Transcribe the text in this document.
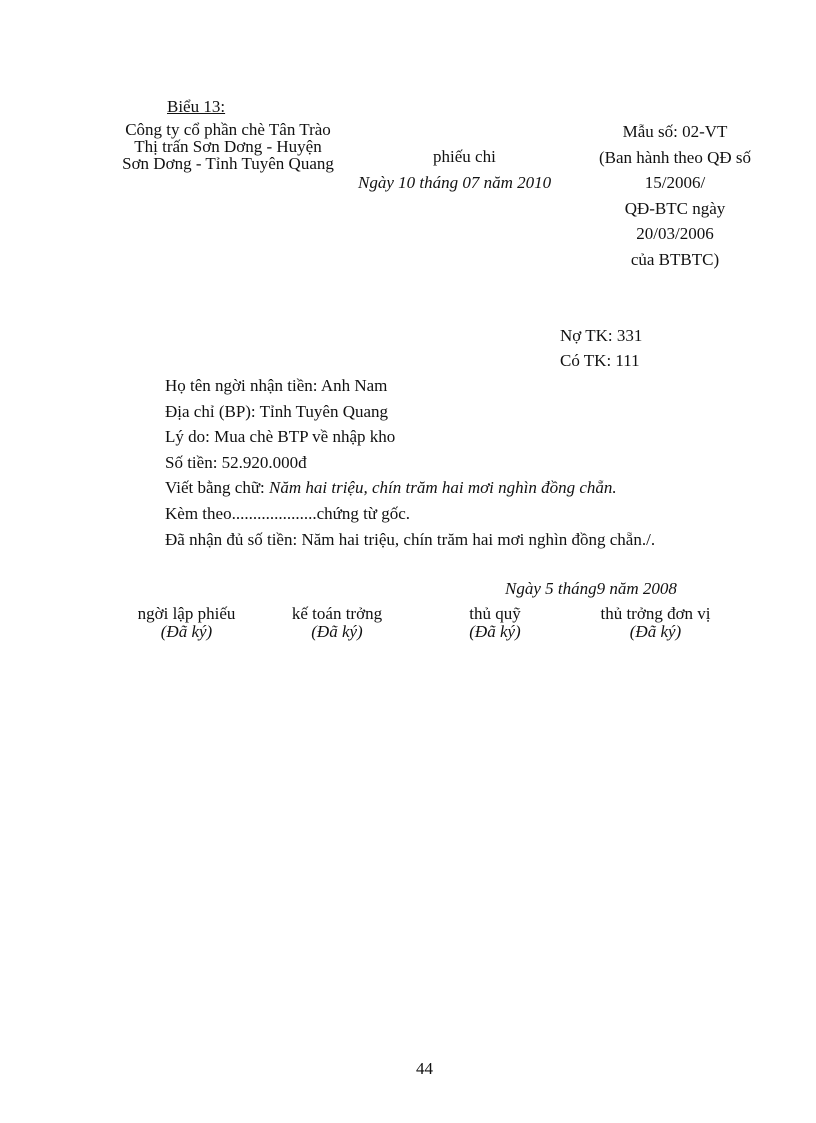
Biểu 13:
Công ty cổ phần chè Tân Trào
Thị trấn Sơn Dơng - Huyện
Sơn Dơng - Tỉnh Tuyên Quang	phiếu chi
Ngày 10 tháng 07 năm 2010
Mẫu số: 02-VT
(Ban hành theo QĐ số
15/2006/
QĐ-BTC ngày
20/03/2006
của BTBTC)
Nợ TK: 331
Có TK: 111
Họ tên ngời nhận tiền: Anh Nam
Địa chỉ (BP): Tỉnh Tuyên Quang
Lý do: Mua chè BTP về nhập kho
Số tiền: 52.920.000đ
Viết bằng chữ: Năm hai triệu, chín trăm hai mơi nghìn đồng chẵn.
Kèm theo....................chứng từ gốc.
Đã nhận đủ số tiền: Năm hai triệu, chín trăm hai mơi nghìn đồng chẵn./.
Ngày 5 tháng9 năm 2008
ngời lập phiếu
(Đã ký)
kế toán trởng
(Đã ký)
thủ quỹ
(Đã ký)
thủ trởng đơn vị
(Đã ký)
44
